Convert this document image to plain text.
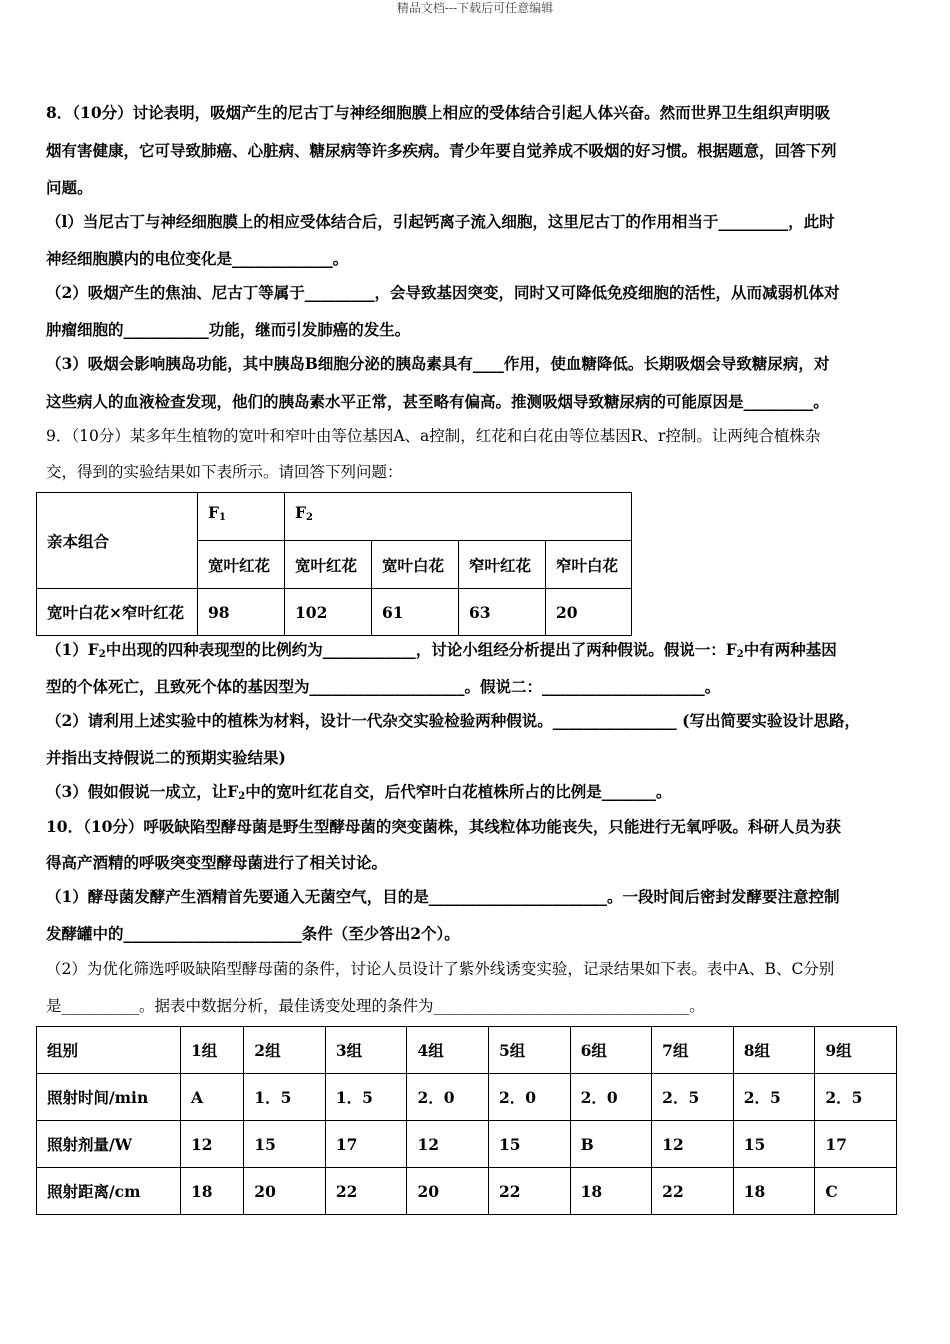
精品文档---下载后可任意编辑
8．（10分）讨论表明，吸烟产生的尼古丁与神经细胞膜上相应的受体结合引起人体兴奋。然而世界卫生组织声明吸
烟有害健康，它可导致肺癌、心脏病、糖尿病等许多疾病。青少年要自觉养成不吸烟的好习惯。根据题意，回答下列
问题。
（l）当尼古丁与神经细胞膜上的相应受体结合后，引起钙离子流入细胞，这里尼古丁的作用相当于_________，此时
神经细胞膜内的电位变化是_____________。
（2）吸烟产生的焦油、尼古丁等属于_________，会导致基因突变，同时又可降低免疫细胞的活性，从而减弱机体对
肿瘤细胞的___________功能，继而引发肺癌的发生。
（3）吸烟会影响胰岛功能，其中胰岛B细胞分泌的胰岛素具有____作用，使血糖降低。长期吸烟会导致糖尿病，对
这些病人的血液检查发现，他们的胰岛素水平正常，甚至略有偏高。推测吸烟导致糖尿病的可能原因是_________。
9．（10分）某多年生植物的宽叶和窄叶由等位基因A、a控制，红花和白花由等位基因R、r控制。让两纯合植株杂
交，得到的实验结果如下表所示。请回答下列问题：
亲本组合	$F_1$	$F_2$
	宽叶红花	宽叶红花	宽叶白花	窄叶红花	窄叶白花
宽叶白花×窄叶红花	98	102	61	63	20
$(1)F_2$中出现的四种表现型的比例约为____________，讨论小组经分析提出了两种假说。假说一：$F_2$中有两种基因
型的个体死亡，且致死个体的基因型为____________________。假说二：_____________________。
（2）请利用上述实验中的植株为材料，设计一代杂交实验检验两种假说。________________ (写出简要实验设计思路，
并指出支持假说二的预期实验结果)
（3）假如假说一成立，让$F_2$中的宽叶红花自交，后代窄叶白花植株所占的比例是_______。
10．（10分）呼吸缺陷型酵母菌是野生型酵母菌的突变菌株，其线粒体功能丧失，只能进行无氧呼吸。科研人员为获
得高产酒精的呼吸突变型酵母菌进行了相关讨论。
（1）酵母菌发酵产生酒精首先要通入无菌空气，目的是_______________________。一段时间后密封发酵要注意控制
发酵罐中的_______________________条件（至少答出2个）。
（2）为优化筛选呼吸缺陷型酵母菌的条件，讨论人员设计了紫外线诱变实验，记录结果如下表。表中A、B、C分别
是__________。据表中数据分析，最佳诱变处理的条件为_________________________________。
组别	1组	2组	3组	4组	5组	6组	7组	8组	9组
照射时间/min	A	1．5	1．5	2．0	2．0	2．0	2．5	2．5	2．5
照射剂量/W	12	15	17	12	15	B	12	15	17
照射距离/cm	18	20	22	20	22	18	22	18	C
